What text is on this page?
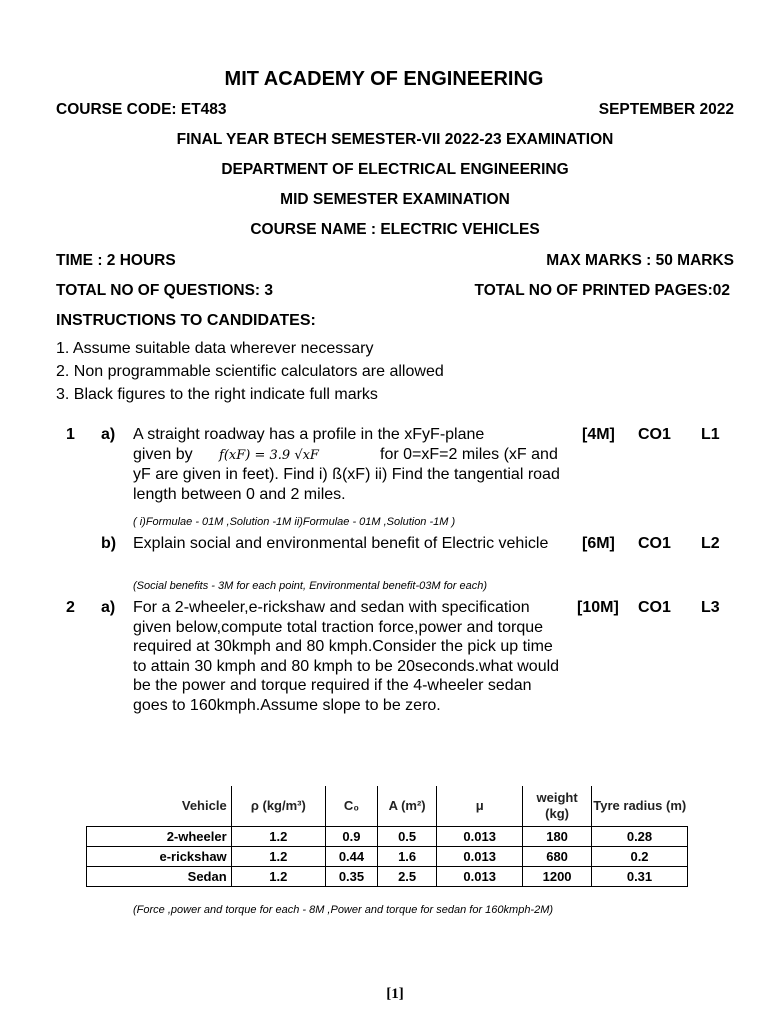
MIT ACADEMY OF ENGINEERING
COURSE CODE: ET483	SEPTEMBER 2022
FINAL YEAR BTECH SEMESTER-VII 2022-23 EXAMINATION
DEPARTMENT OF ELECTRICAL ENGINEERING
MID SEMESTER EXAMINATION
COURSE NAME : ELECTRIC VEHICLES
TIME : 2 HOURS	MAX MARKS : 50 MARKS
TOTAL NO OF QUESTIONS: 3	TOTAL NO OF PRINTED PAGES:02
INSTRUCTIONS TO CANDIDATES:
1. Assume suitable data wherever necessary
2. Non programmable scientific calculators are allowed
3. Black figures to the right indicate full marks
1 a) A straight roadway has a profile in the xFyF-plane
given by f(xF) = 3.9 √xF	for 0=xF=2 miles (xF and
yF are given in feet). Find i) ß(xF) ii) Find the tangential road length between 0 and 2 miles.
[4M] CO1 L1
( i)Formulae - 01M ,Solution -1M ii)Formulae - 01M ,Solution -1M )
b) Explain social and environmental benefit of Electric vehicle	[6M] CO1 L2
(Social benefits - 3M for each point, Environmental benefit-03M for each)
2 a) For a 2-wheeler,e-rickshaw and sedan with specification given below,compute total traction force,power and torque required at 30kmph and 80 kmph.Consider the pick up time to attain 30 kmph and 80 kmph to be 20seconds.what would be the power and torque required if the 4-wheeler sedan goes to 160kmph.Assume slope to be zero.
[10M] CO1 L3
Vehicle	ρ (kg/m³)	C₀	A (m²)	μ	weight (kg)	Tyre radius (m)
2-wheeler	1.2	0.9	0.5	0.013	180	0.28
e-rickshaw	1.2	0.44	1.6	0.013	680	0.2
Sedan	1.2	0.35	2.5	0.013	1200	0.31
(Force ,power and torque for each - 8M ,Power and torque for sedan for 160kmph-2M)
[1]
